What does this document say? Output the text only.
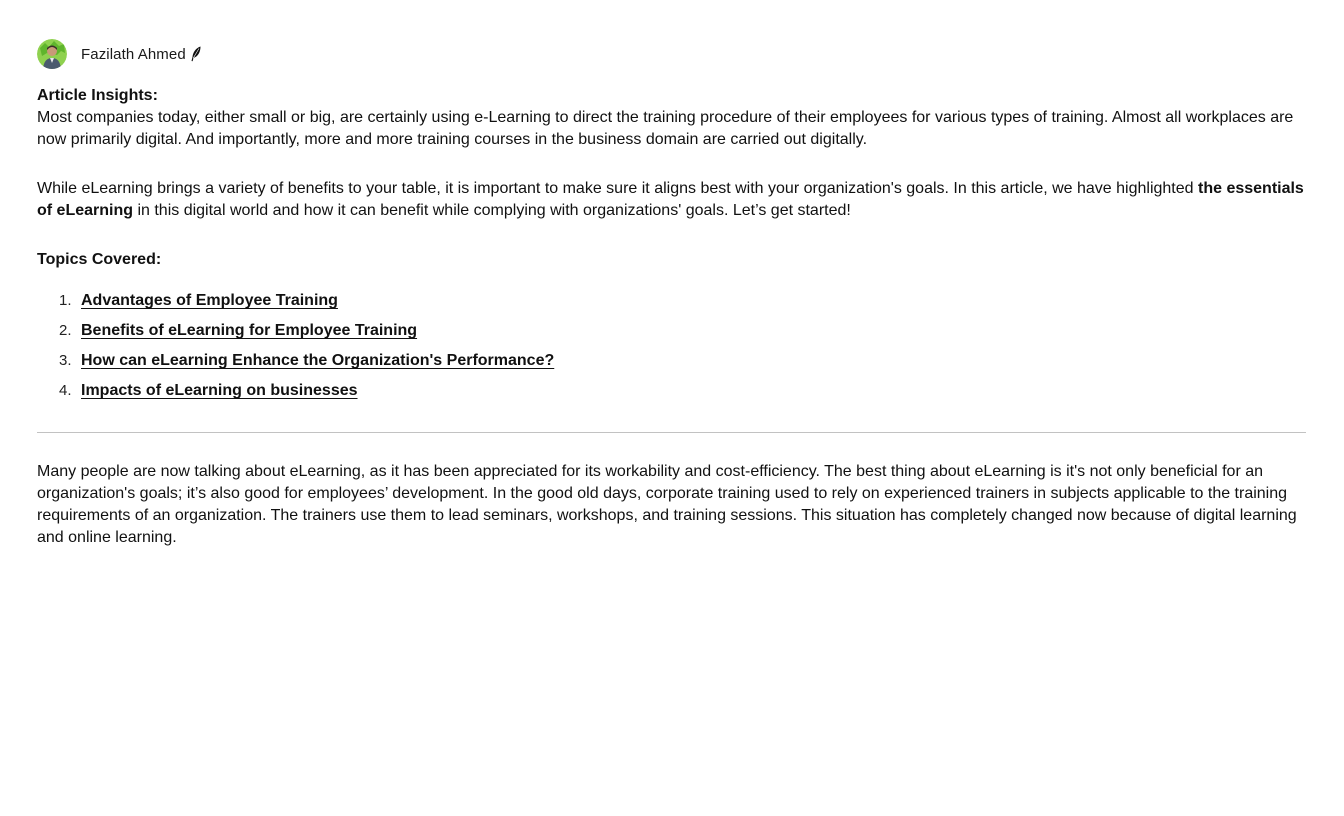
Fazilath Ahmed
Article Insights:

Most companies today, either small or big, are certainly using e-Learning to direct the training procedure of their employees for various types of training. Almost all workplaces are now primarily digital. And importantly, more and more training courses in the business domain are carried out digitally.

While eLearning brings a variety of benefits to your table, it is important to make sure it aligns best with your organization's goals. In this article, we have highlighted the essentials of eLearning in this digital world and how it can benefit while complying with organizations' goals. Let’s get started!

Topics Covered:
1. Advantages of Employee Training
2. Benefits of eLearning for Employee Training
3. How can eLearning Enhance the Organization's Performance?
4. Impacts of eLearning on businesses

Many people are now talking about eLearning, as it has been appreciated for its workability and cost-efficiency. The best thing about eLearning is it's not only beneficial for an organization's goals; it’s also good for employees’ development. In the good old days, corporate training used to rely on experienced trainers in subjects applicable to the training requirements of an organization. The trainers use them to lead seminars, workshops, and training sessions. This situation has completely changed now because of digital learning and online learning.
